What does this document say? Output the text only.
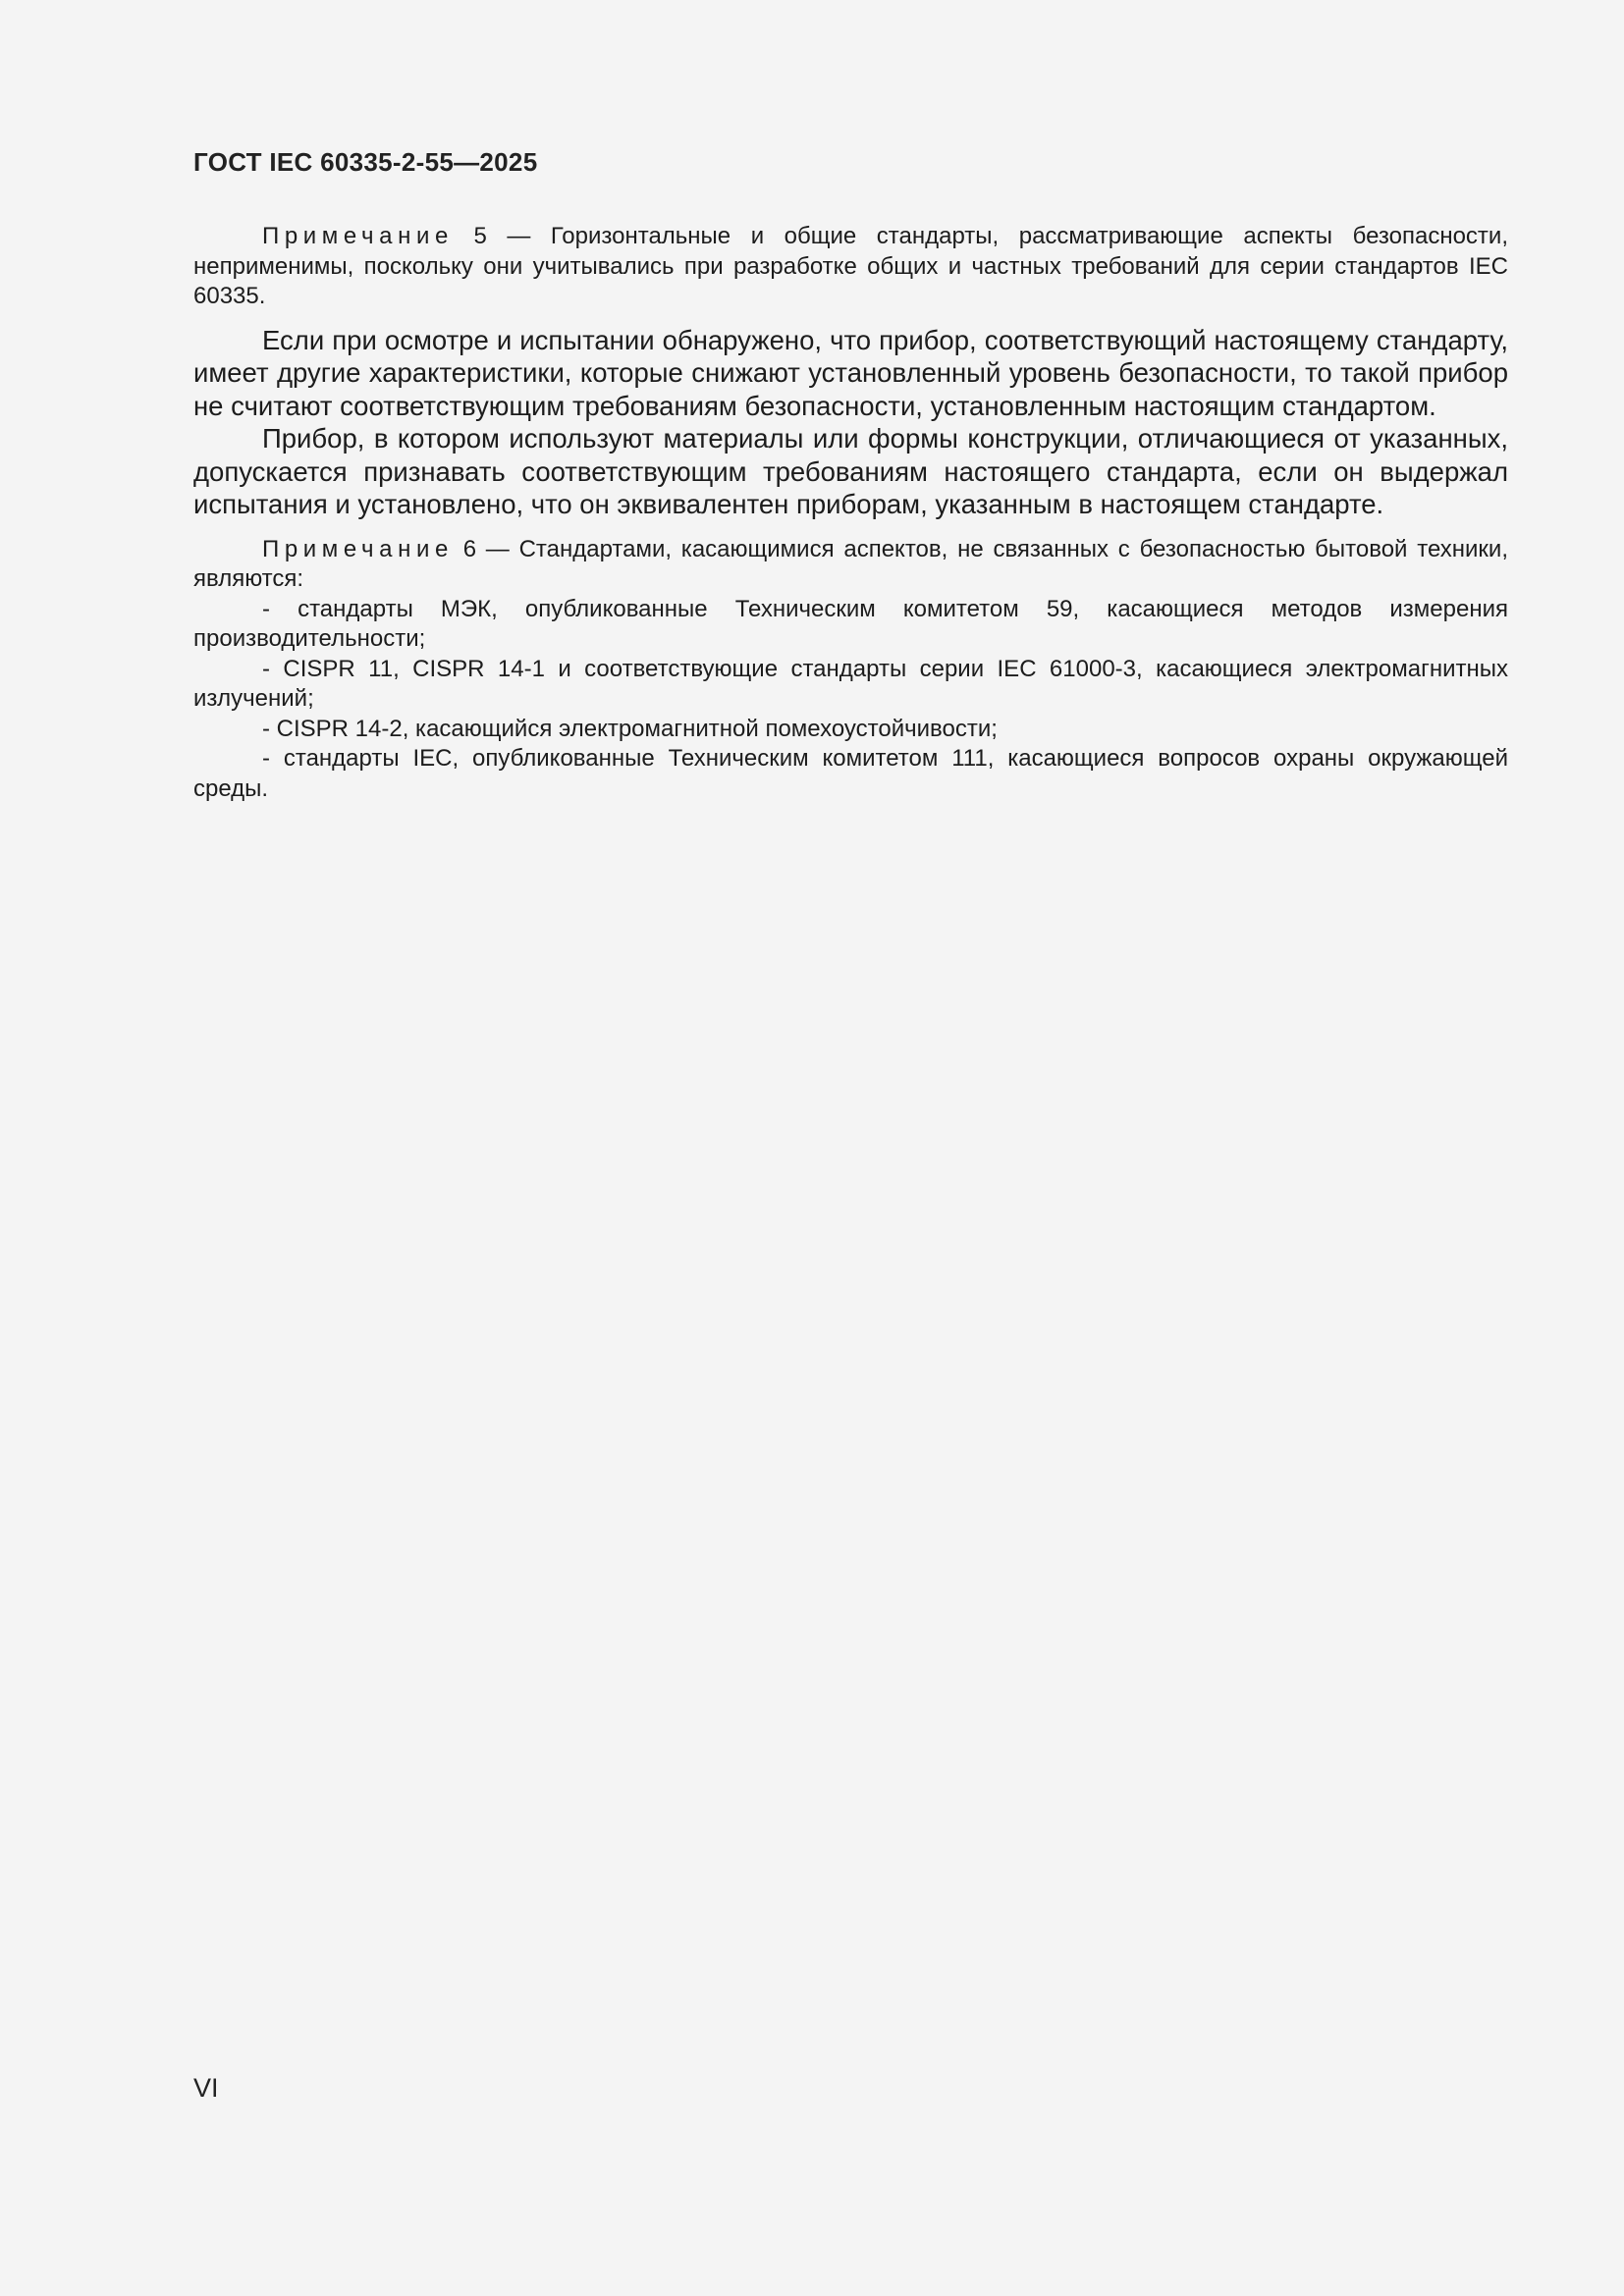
ГОСТ IEC 60335-2-55—2025

Примечание 5 — Горизонтальные и общие стандарты, рассматривающие аспекты безопасности, неприменимы, поскольку они учитывались при разработке общих и частных требований для серии стандартов IEC 60335.

Если при осмотре и испытании обнаружено, что прибор, соответствующий настоящему стандарту, имеет другие характеристики, которые снижают установленный уровень безопасности, то такой прибор не считают соответствующим требованиям безопасности, установленным настоящим стандартом.

Прибор, в котором используют материалы или формы конструкции, отличающиеся от указанных, допускается признавать соответствующим требованиям настоящего стандарта, если он выдержал испытания и установлено, что он эквивалентен приборам, указанным в настоящем стандарте.

Примечание 6 — Стандартами, касающимися аспектов, не связанных с безопасностью бытовой техники, являются:

- стандарты МЭК, опубликованные Техническим комитетом 59, касающиеся методов измерения производительности;

- CISPR 11, CISPR 14-1 и соответствующие стандарты серии IEC 61000-3, касающиеся электромагнитных излучений;

- CISPR 14-2, касающийся электромагнитной помехоустойчивости;

- стандарты IEC, опубликованные Техническим комитетом 111, касающиеся вопросов охраны окружающей среды.

VI
